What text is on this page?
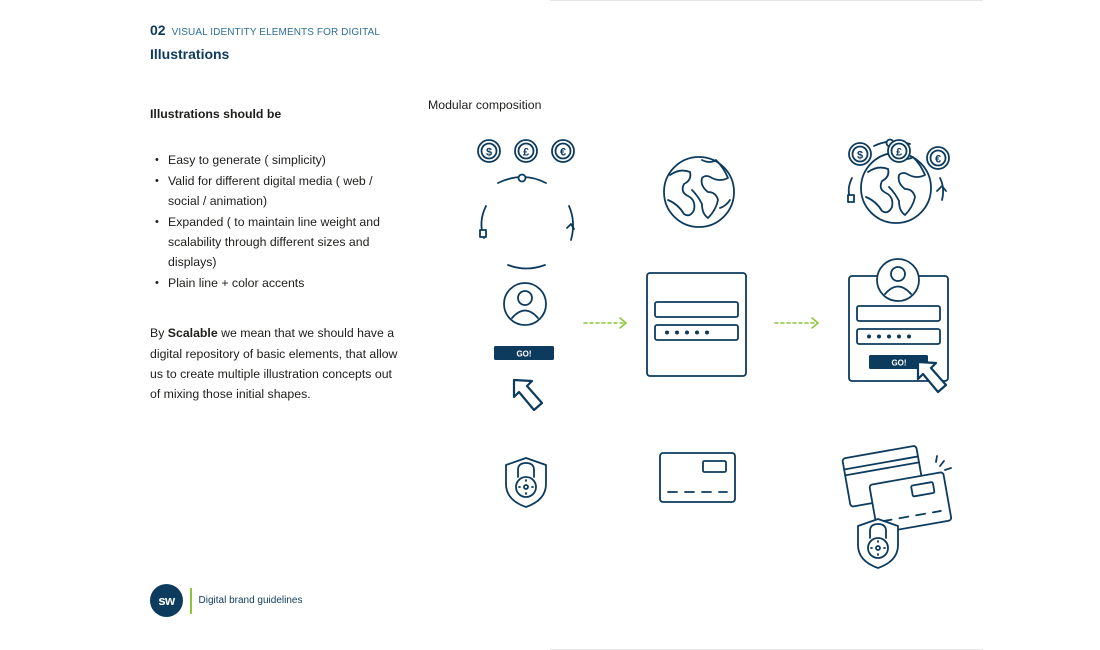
02 VISUAL IDENTITY ELEMENTS FOR DIGITAL
Illustrations
Illustrations should be
• Easy to generate ( simplicity)
• Valid for different digital media ( web / social / animation)
• Expanded ( to maintain line weight and scalability through different sizes and displays)
• Plain line + color accents
By Scalable we mean that we should have a digital repository of basic elements, that allow us to create multiple illustration concepts out of mixing those initial shapes.
Modular composition
$	£	€
GO!
$	£
€
GO!
sw	Digital brand guidelines
